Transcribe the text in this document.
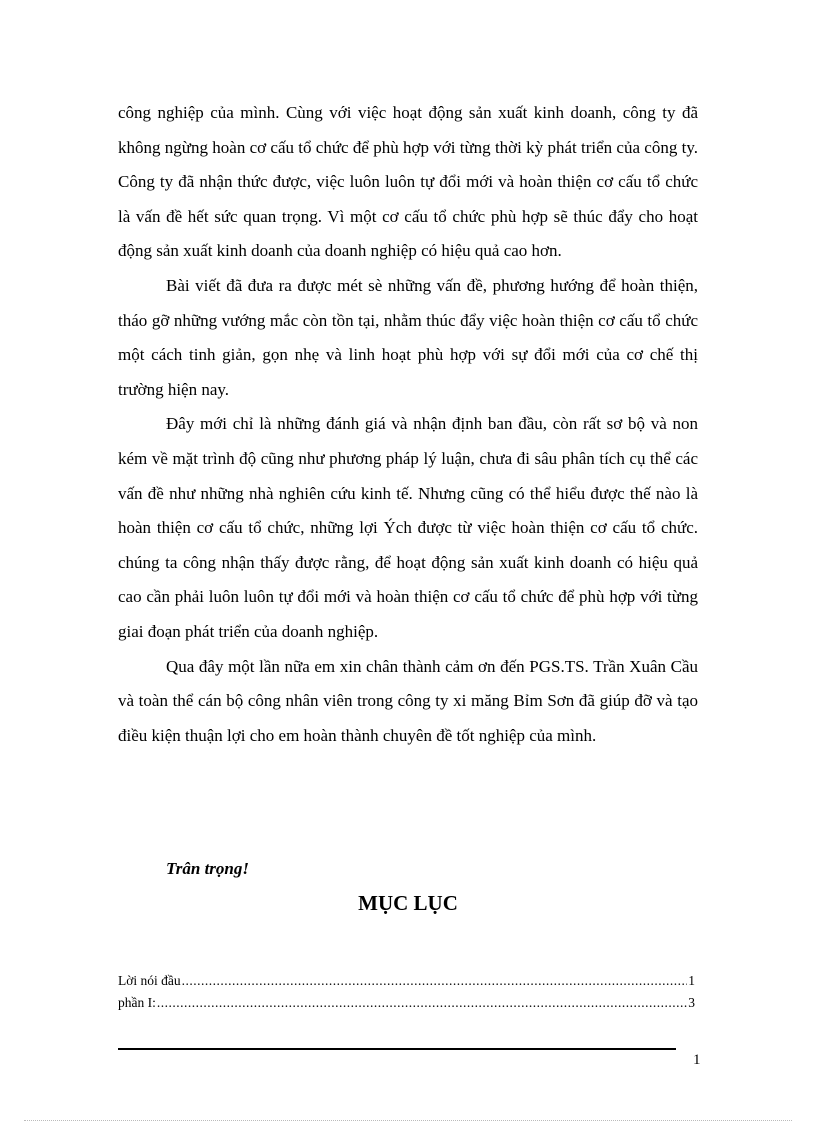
công nghiệp của mình. Cùng với việc hoạt động sản xuất kinh doanh, công ty đã không ngừng hoàn cơ cấu tổ chức để phù hợp với từng thời kỳ phát triển của công ty. Công ty đã nhận thức được, việc luôn luôn tự đổi mới và hoàn thiện cơ cấu tổ chức là vấn đề hết sức quan trọng. Vì một cơ cấu tổ chức phù hợp sẽ thúc đẩy cho hoạt động sản xuất kinh doanh của doanh nghiệp có hiệu quả cao hơn.

Bài viết đã đưa ra được mét sè những vấn đề, phương hướng để hoàn thiện, tháo gỡ những vướng mắc còn tồn tại, nhằm thúc đẩy việc hoàn thiện cơ cấu tổ chức một cách tinh giản, gọn nhẹ và linh hoạt phù hợp với sự đổi mới của cơ chế thị trường hiện nay.

Đây mới chỉ là những đánh giá và nhận định ban đầu, còn rất sơ bộ và non kém về mặt trình độ cũng như phương pháp lý luận, chưa đi sâu phân tích cụ thể các vấn đề như những nhà nghiên cứu kinh tế. Nhưng cũng có thể hiểu được thế nào là hoàn thiện cơ cấu tổ chức, những lợi Ých được từ việc hoàn thiện cơ cấu tổ chức. chúng ta công nhận thấy được rằng, để hoạt động sản xuất kinh doanh có hiệu quả cao cần phải luôn luôn tự đổi mới và hoàn thiện cơ cấu tổ chức để phù hợp với từng giai đoạn phát triển của doanh nghiệp.

Qua đây một lần nữa em xin chân thành cảm ơn đến PGS.TS. Trần Xuân Cầu và toàn thể cán bộ công nhân viên trong công ty xi măng Bỉm Sơn đã giúp đỡ và tạo điều kiện thuận lợi cho em hoàn thành chuyên đề tốt nghiệp của mình.

Trân trọng!
MỤC LỤC
Lời nói đầu .....	1
phần I: .....	3
1
